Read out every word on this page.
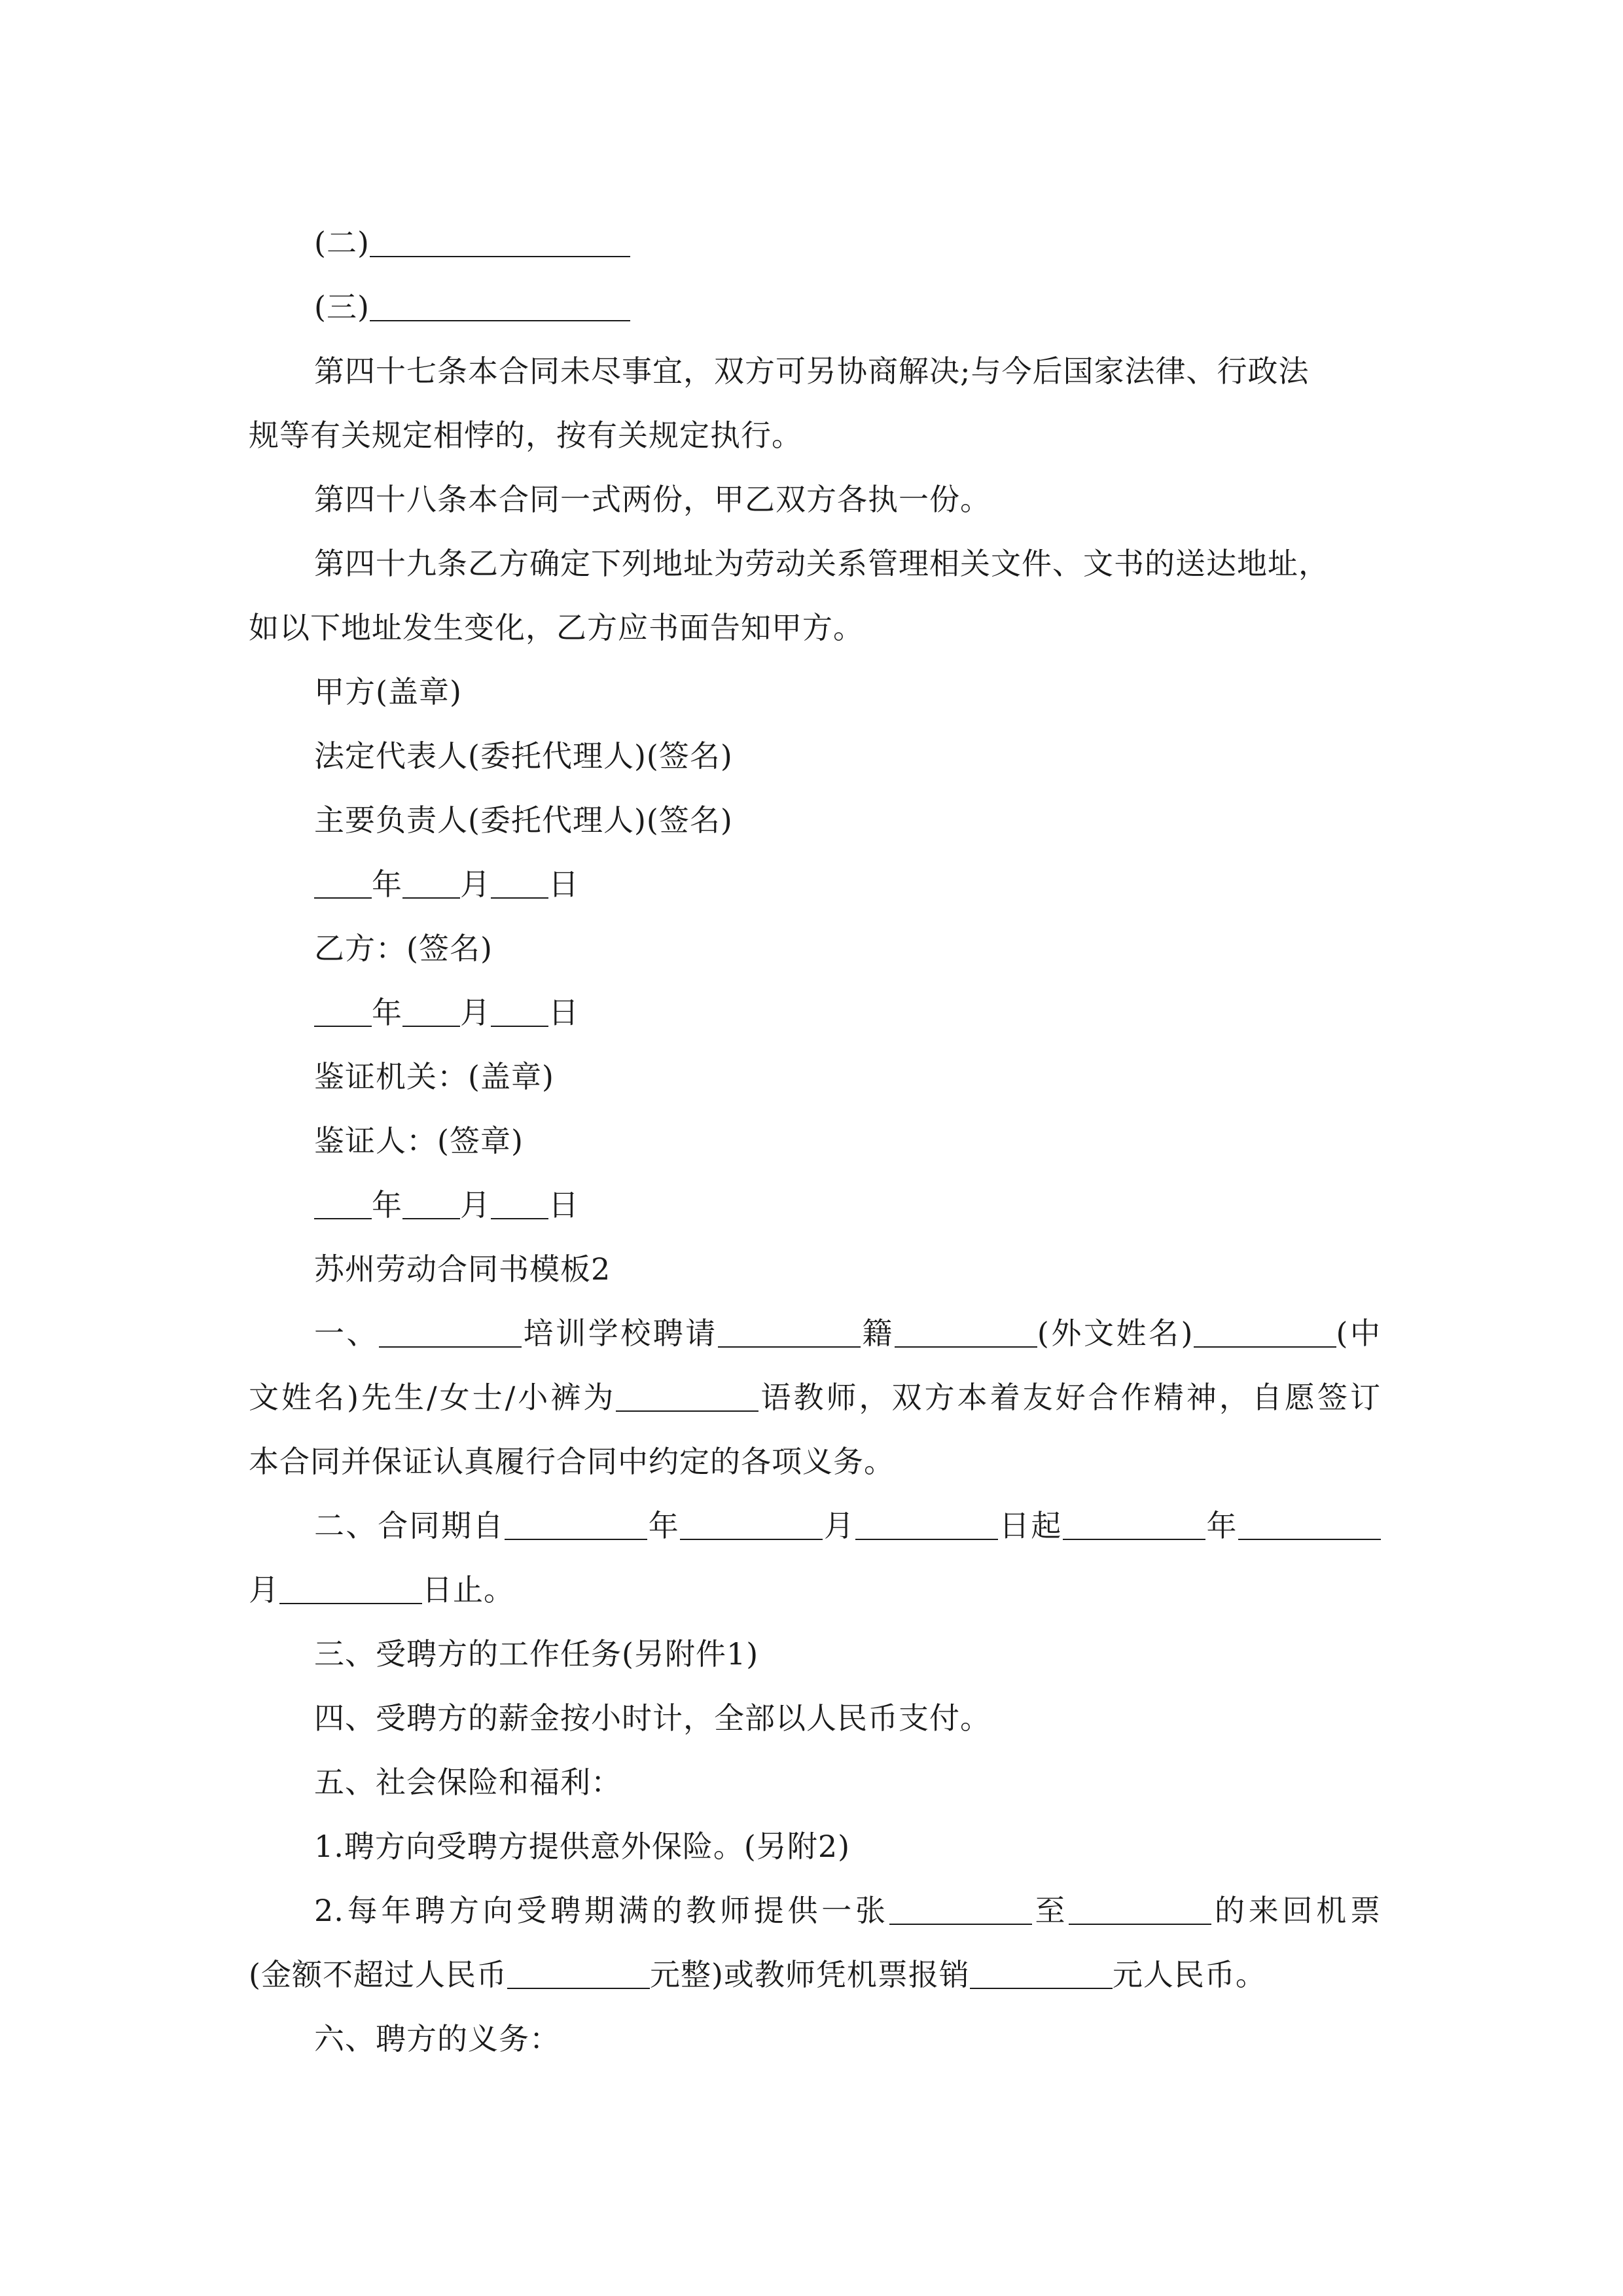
(二)
(三)
第四十七条本合同未尽事宜，双方可另协商解决;与今后国家法律、行政法
规等有关规定相悖的，按有关规定执行。
第四十八条本合同一式两份，甲乙双方各执一份。
第四十九条乙方确定下列地址为劳动关系管理相关文件、文书的送达地址，
如以下地址发生变化，乙方应书面告知甲方。
甲方(盖章)
法定代表人(委托代理人)(签名)
主要负责人(委托代理人)(签名)
年 月 日
乙方：(签名)
年 月 日
鉴证机关：(盖章)
鉴证人：(签章)
年 月 日
苏州劳动合同书模板2
一、	培训学校聘请	籍	(外文姓名)	(中
文姓名)先生/女士/小裤为	语教师，双方本着友好合作精神，自愿签订
本合同并保证认真履行合同中约定的各项义务。
二、合同期自	年	月	日起	年
月	日止。
三、受聘方的工作任务(另附件1)
四、受聘方的薪金按小时计，全部以人民币支付。
五、社会保险和福利：
1.聘方向受聘方提供意外保险。(另附2)
2.每年聘方向受聘期满的教师提供一张	至	的来回机票
(金额不超过人民币	元整)或教师凭机票报销	元人民币。
六、聘方的义务：
